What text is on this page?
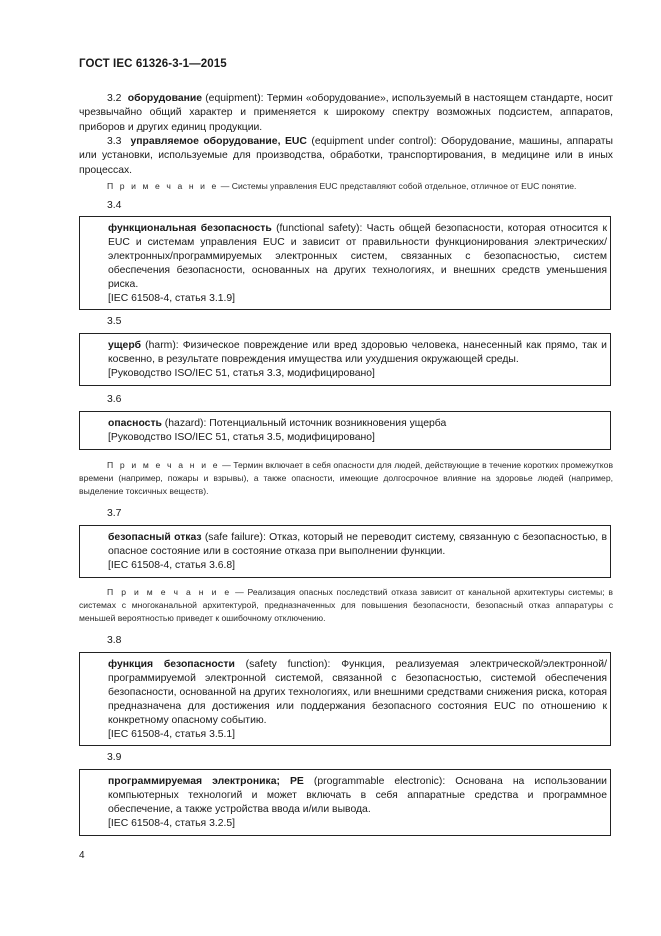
ГОСТ IEC 61326-3-1—2015
3.2 оборудование (equipment): Термин «оборудование», используемый в настоящем стандарте, носит чрезвычайно общий характер и применяется к широкому спектру возможных подсистем, аппаратов, приборов и других единиц продукции.
3.3 управляемое оборудование, EUC (equipment under control): Оборудование, машины, аппараты или установки, используемые для производства, обработки, транспортирования, в медицине или в иных процессах.
П р и м е ч а н и е — Системы управления EUC представляют собой отдельное, отличное от EUC понятие.
3.4
функциональная безопасность (functional safety): Часть общей безопасности, которая относится к EUC и системам управления EUC и зависит от правильности функционирования электрических/электронных/программируемых электронных систем, связанных с безопасностью, систем обеспечения безопасности, основанных на других технологиях, и внешних средств уменьшения риска.
[IEC 61508-4, статья 3.1.9]
3.5
ущерб (harm): Физическое повреждение или вред здоровью человека, нанесенный как прямо, так и косвенно, в результате повреждения имущества или ухудшения окружающей среды.
[Руководство ISO/IEC 51, статья 3.3, модифицировано]
3.6
опасность (hazard): Потенциальный источник возникновения ущерба
[Руководство ISO/IEC 51, статья 3.5, модифицировано]
П р и м е ч а н и е — Термин включает в себя опасности для людей, действующие в течение коротких промежутков времени (например, пожары и взрывы), а также опасности, имеющие долгосрочное влияние на здоровье людей (например, выделение токсичных веществ).
3.7
безопасный отказ (safe failure): Отказ, который не переводит систему, связанную с безопасностью, в опасное состояние или в состояние отказа при выполнении функции.
[IEC 61508-4, статья 3.6.8]
П р и м е ч а н и е — Реализация опасных последствий отказа зависит от канальной архитектуры системы; в системах с многоканальной архитектурой, предназначенных для повышения безопасности, безопасный отказ аппаратуры с меньшей вероятностью приведет к ошибочному отключению.
3.8
функция безопасности (safety function): Функция, реализуемая электрической/электронной/программируемой электронной системой, связанной с безопасностью, системой обеспечения безопасности, основанной на других технологиях, или внешними средствами снижения риска, которая предназначена для достижения или поддержания безопасного состояния EUC по отношению к конкретному опасному событию.
[IEC 61508-4, статья 3.5.1]
3.9
программируемая электроника; PE (programmable electronic): Основана на использовании компьютерных технологий и может включать в себя аппаратные средства и программное обеспечение, а также устройства ввода и/или вывода.
[IEC 61508-4, статья 3.2.5]
4
